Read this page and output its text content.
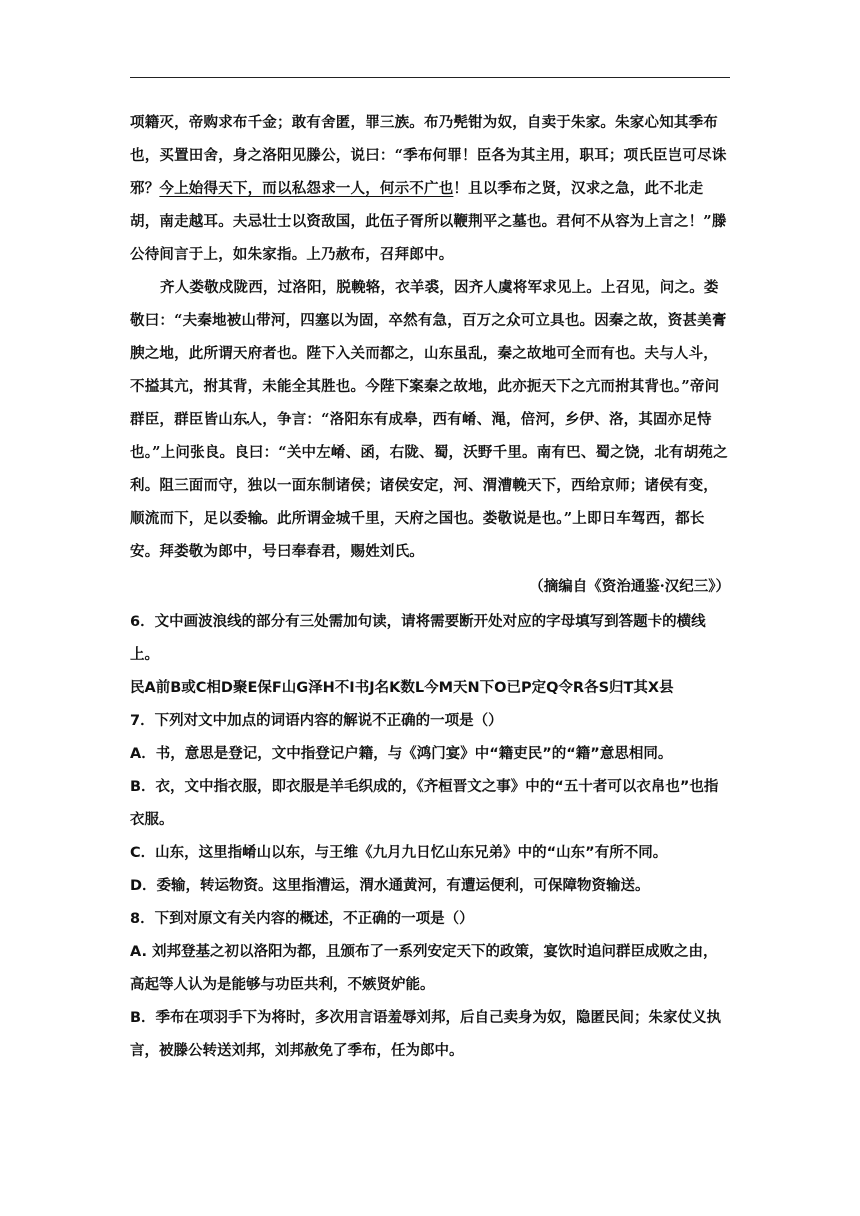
项籍灭，帝购求布千金；敢有舍匿，罪三族。布乃髡钳为奴，自卖于朱家。朱家心知其季布也，买置田舍，身之洛阳见滕公，说曰：“季布何罪！臣各为其主用，职耳；项氏臣岂可尽诛邪？今上始得天下，而以私怨求一人，何示不广也！且以季布之贤，汉求之急，此不北走胡，南走越耳。夫忌壮士以资敌国，此伍子胥所以鞭荆平之墓也。君何不从容为上言之！”滕公待间言于上，如朱家指。上乃赦布，召拜郎中。

齐人娄敬戍陇西，过洛阳，脱輓辂，衣 ·羊裘，因齐人虞将军求见上。上召见，问之。娄敬曰：“夫秦地被山带河，四塞以为固，卒然有急，百万之众可立具也。因秦之故，资甚美膏腴之地，此所谓天府者也。陛下入关而都之，山东虽乱，秦之故地可全而有也。夫与人斗，不搤其亢，拊其背，未能全其胜也。今陛下案秦之故地，此亦扼天下之亢而拊其背也。”帝问群臣，群臣皆山东 ·人，争言：“洛阳东有成皋，西有崤、渑，倍河，乡伊、洛，其固亦足恃也。”上问张良。良曰：“关中左崤、函，右陇、蜀，沃野千里。南有巴、蜀之饶，北有胡苑之利。阻三面而守，独以一面东制诸侯；诸侯安定，河、渭漕輓天下，西给京师；诸侯有变，顺流而下，足以委输 ·。此所谓金城千里，天府之国也。娄敬说是也。”上即日车驾西，都长安。拜娄敬为郎中，号曰奉春君，赐姓刘氏。

（摘编自《资治通鉴·汉纪三》）

6．文中画波浪线的部分有三处需加句读，请将需要断开处对应的字母填写到答题卡的横线上。

民A前B或C相D聚E保F山G泽H不I书J名K数L今M天N下O已P定Q令R各S归T其X县

7．下列对文中加点的词语内容的解说不正确的一项是（）

A．书，意思是登记，文中指登记户籍，与《鸿门宴》中“籍吏民”的“籍”意思相同。

B．衣，文中指衣服，即衣服是羊毛织成的，《齐桓晋文之事》中的“五十者可以衣帛也”也指衣服。

C．山东，这里指崤山以东，与王维《九月九日忆山东兄弟》中的“山东”有所不同。

D．委输，转运物资。这里指漕运，渭水通黄河，有遭运便利，可保障物资输送。

8．下到对原文有关内容的概述，不正确的一项是（）

A. 刘邦登基之初以洛阳为都，且颁布了一系列安定天下的政策，宴饮时追问群臣成败之由，高起等人认为是能够与功臣共利，不嫉贤妒能。

B．季布在项羽手下为将时，多次用言语羞辱刘邦，后自己卖身为奴，隐匿民间；朱家仗义执言，被滕公转送刘邦，刘邦赦免了季布，任为郎中。
